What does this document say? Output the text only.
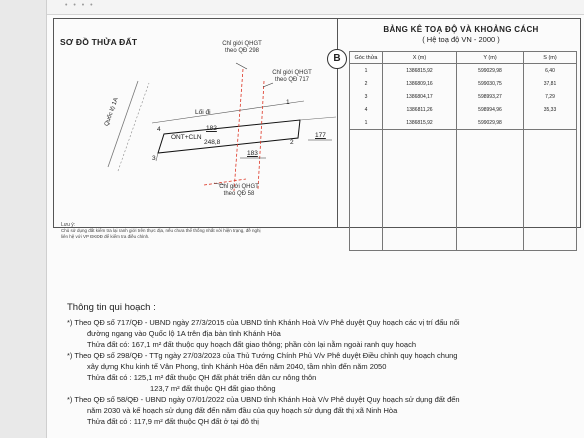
• • • •
SƠ ĐỒ THỬA ĐẤT	Chỉ giới QHGT
theo QĐ 298
Chỉ giới QHGT
theo QĐ 717
Chỉ giới QHGT
theo QĐ 58
Quốc lộ 1A	Lối đi
ONT+CLN
182
248,8
177
183
1
2
3
4
B
BẢNG KÊ TOẠ ĐỘ VÀ KHOẢNG CÁCH
( Hệ toạ độ VN - 2000 )
Góc thửa	X (m)	Y (m)	S (m)
1	1386815,92	599029,98	6,40
2	1386809,16	599030,75	37,81
3	1386804,17	598993,27	7,29
4	1386811,26	598994,96	35,33
1	1386815,92	599029,98	

Lưu ý:
Chủ sử dụng đất kiểm tra lại ranh giới trên thực địa, nếu chưa thể thống nhất với hiện trạng, đề nghị
liên hệ với VP ĐKĐĐ để kiểm tra điều chỉnh.
Thông tin qui hoạch :
*) Theo QĐ số 717/QĐ - UBND ngày 27/3/2015 của UBND tỉnh Khánh Hoà V/v Phê duyệt Quy hoạch các vị trí đấu nối
đường ngang vào Quốc lộ 1A trên địa bàn tỉnh Khánh Hòa
Thửa đất có: 167,1 m² đất thuộc quy hoạch đất giao thông; phần còn lại nằm ngoài ranh quy hoạch
*) Theo QĐ số 298/QĐ - TTg ngày 27/03/2023 của Thủ Tướng Chính Phủ V/v Phê duyệt Điều chỉnh quy hoạch chung
xây dựng Khu kinh tế Vân Phong, tỉnh Khánh Hòa đến năm 2040, tầm nhìn đến năm 2050
Thửa đất có : 125,1 m² đất thuộc QH đất phát triển dân cư nông thôn
123,7 m² đất thuộc QH đất giao thông
*) Theo QĐ số 58/QĐ - UBND ngày 07/01/2022 của UBND tỉnh Khánh Hoà V/v Phê duyệt Quy hoạch sử dụng đất đến
năm 2030 và kế hoạch sử dụng đất đến năm đầu của quy hoạch sử dụng đất thị xã Ninh Hòa
Thửa đất có : 117,9 m² đất thuộc QH đất ở tại đô thị
